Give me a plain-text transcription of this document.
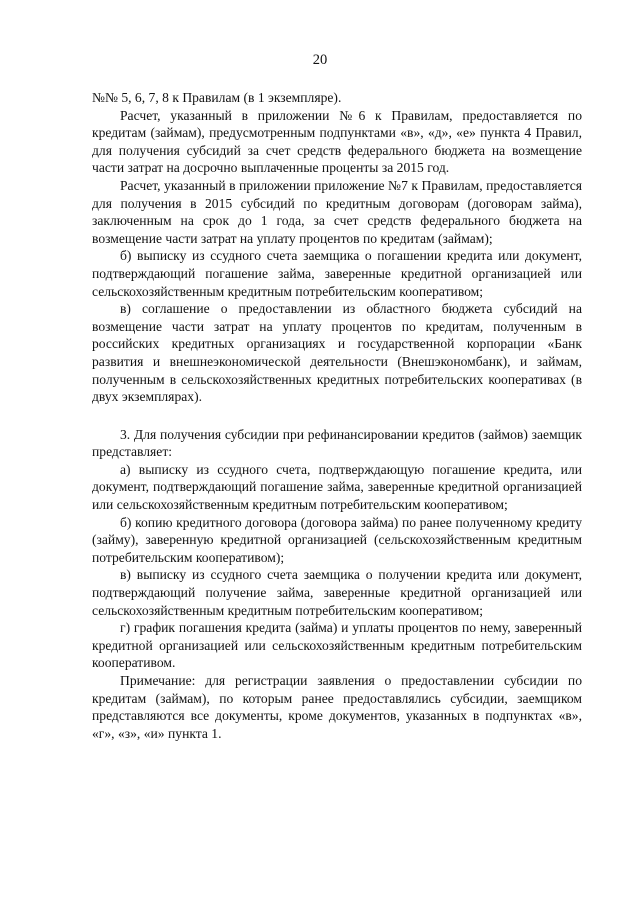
20

№№ 5, 6, 7, 8 к Правилам (в 1 экземпляре).

Расчет, указанный в приложении №6 к Правилам, предоставляется по кредитам (займам), предусмотренным подпунктами «в», «д», «е» пункта 4 Правил, для получения субсидий за счет средств федерального бюджета на возмещение части затрат на досрочно выплаченные проценты за 2015 год.

Расчет, указанный в приложении приложение №7 к Правилам, предоставляется для получения в 2015 субсидий по кредитным договорам (договорам займа), заключенным на срок до 1 года, за счет средств федерального бюджета на возмещение части затрат на уплату процентов по кредитам (займам);

б) выписку из ссудного счета заемщика о погашении кредита или документ, подтверждающий погашение займа, заверенные кредитной организацией или сельскохозяйственным кредитным потребительским кооперативом;

в) соглашение о предоставлении из областного бюджета субсидий на возмещение части затрат на уплату процентов по кредитам, полученным в российских кредитных организациях и государственной корпорации «Банк развития и внешнеэкономической деятельности (Внешэкономбанк), и займам, полученным в сельскохозяйственных кредитных потребительских кооперативах (в двух экземплярах).

3. Для получения субсидии при рефинансировании кредитов (займов) заемщик представляет:

а) выписку из ссудного счета, подтверждающую погашение кредита, или документ, подтверждающий погашение займа, заверенные кредитной организацией или сельскохозяйственным кредитным потребительским кооперативом;

б) копию кредитного договора (договора займа) по ранее полученному кредиту (займу), заверенную кредитной организацией (сельскохозяйственным кредитным потребительским кооперативом);

в) выписку из ссудного счета заемщика о получении кредита или документ, подтверждающий получение займа, заверенные кредитной организацией или сельскохозяйственным кредитным потребительским кооперативом;

г) график погашения кредита (займа) и уплаты процентов по нему, заверенный кредитной организацией или сельскохозяйственным кредитным потребительским кооперативом.

Примечание: для регистрации заявления о предоставлении субсидии по кредитам (займам), по которым ранее предоставлялись субсидии, заемщиком представляются все документы, кроме документов, указанных в подпунктах «в», «г», «з», «и» пункта 1.
